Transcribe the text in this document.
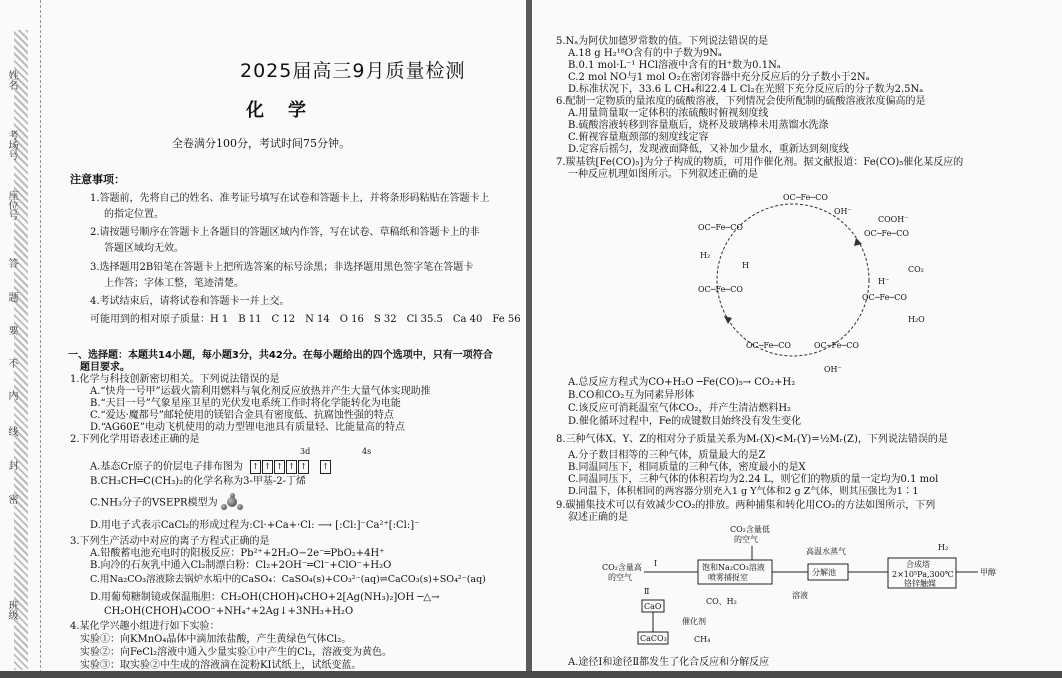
姓名
考场号
座位号
答
题
要
不
内
线
封
密
班级
2025届高三9月质量检测
化学
全卷满分100分，考试时间75分钟。
注意事项：
1.答题前，先将自己的姓名、准考证号填写在试卷和答题卡上，并将条形码粘贴在答题卡上
的指定位置。
2.请按题号顺序在答题卡上各题目的答题区域内作答，写在试卷、草稿纸和答题卡上的非
答题区域均无效。
3.选择题用2B铅笔在答题卡上把所选答案的标号涂黑；非选择题用黑色签字笔在答题卡
上作答；字体工整，笔迹清楚。
4.考试结束后，请将试卷和答题卡一并上交。
可能用到的相对原子质量：H 1　B 11　C 12　N 14　O 16　S 32　Cl 35.5　Ca 40　Fe 56
一、选择题：本题共14小题，每小题3分，共42分。在每小题给出的四个选项中，只有一项符合
题目要求。
1.化学与科技创新密切相关。下列说法错误的是
A.“快舟一号甲”运载火箭利用燃料与氧化剂反应放热并产生大量气体实现助推
B.“天目一号”气象星座卫星的光伏发电系统工作时将化学能转化为电能
C.“爱达·魔都号”邮轮使用的镁铝合金具有密度低、抗腐蚀性强的特点
D.“AG60E”电动飞机使用的动力型锂电池具有质量轻、比能量高的特点
2.下列化学用语表述正确的是
3d	4s
A.基态Cr原子的价层电子排布图为 ↑ ↑ ↑ ↑ ↑ ↑
B.CH₃CH═C(CH₃)₂的化学名称为3-甲基-2-丁烯
C.NH₃分子的VSEPR模型为
D.用电子式表示CaCl₂的形成过程为:Cl·+Ca+·Cl: ⟶ [:Cl:]⁻Ca²⁺[:Cl:]⁻
3.下列生产活动中对应的离子方程式正确的是
A.铅酸蓄电池充电时的阳极反应：Pb²⁺+2H₂O−2e⁻═PbO₂+4H⁺
B.向冷的石灰乳中通入Cl₂制漂白粉：Cl₂+2OH⁻═Cl⁻+ClO⁻+H₂O
C.用Na₂CO₃溶液除去锅炉水垢中的CaSO₄：CaSO₄(s)+CO₃²⁻(aq)⇌CaCO₃(s)+SO₄²⁻(aq)
D.用葡萄糖制镜或保温瓶胆：CH₂OH(CHOH)₄CHO+2[Ag(NH₃)₂]OH ─△→
CH₂OH(CHOH)₄COO⁻+NH₄⁺+2Ag↓+3NH₃+H₂O
4.某化学兴趣小组进行如下实验：
实验①：向KMnO₄晶体中滴加浓盐酸，产生黄绿色气体Cl₂。
实验②：向FeCl₂溶液中通入少量实验①中产生的Cl₂，溶液变为黄色。
实验③：取实验②中生成的溶液滴在淀粉KI试纸上，试纸变蓝。
5.Nₐ为阿伏加德罗常数的值。下列说法错误的是
A.18 g H₂¹⁸O含有的中子数为9Nₐ
B.0.1 mol·L⁻¹ HCl溶液中含有的H⁺数为0.1Nₐ
C.2 mol NO与1 mol O₂在密闭容器中充分反应后的分子数小于2Nₐ
D.标准状况下，33.6 L CH₄和22.4 L Cl₂在光照下充分反应后的分子数为2.5Nₐ
6.配制一定物质的量浓度的硫酸溶液，下列情况会使所配制的硫酸溶液浓度偏高的是
A.用量筒量取一定体积的浓硫酸时俯视刻度线
B.硫酸溶液转移到容量瓶后，烧杯及玻璃棒未用蒸馏水洗涤
C.俯视容量瓶颈部的刻度线定容
D.定容后摇匀，发现液面降低，又补加少量水，重新达到刻度线
7.羰基铁[Fe(CO)₅]为分子构成的物质，可用作催化剂。据文献报道：Fe(CO)₅催化某反应的
一种反应机理如图所示。下列叙述正确的是
OC─Fe─CO
OH⁻
COOH⁻
OC─Fe─CO
OC─Fe─CO
H₂
CO₂
H
OC─Fe─CO
H⁻
OC─Fe─CO
H₂O
OC─Fe─CO	OC─Fe─CO
OH⁻
A.总反应方程式为CO+H₂O ─Fe(CO)₅→ CO₂+H₂
B.CO和CO₂互为同素异形体
C.该反应可消耗温室气体CO₂，并产生清洁燃料H₂
D.催化循环过程中，Fe的成键数目始终没有发生变化
8.三种气体X、Y、Z的相对分子质量关系为Mᵣ(X)<Mᵣ(Y)=½Mᵣ(Z)，下列说法错误的是
A.分子数目相等的三种气体，质量最大的是Z
B.同温同压下，相同质量的三种气体，密度最小的是X
C.同温同压下，三种气体的体积若均为2.24 L，则它们的物质的量一定均为0.1 mol
D.同温下，体积相同的两容器分别充入1 g Y气体和2 g Z气体，则其压强比为1∶1
9.碳捕集技术可以有效减少CO₂的排放。两种捕集和转化用CO₂的方法如图所示，下列
叙述正确的是
CO₂含量低
的空气
高温水蒸气	H₂
CO₂含量高
的空气
Ⅰ	饱和Na₂CO₃溶液
喷雾捕捉室
分解池
合成塔
2×10⁵Pa,300℃
铬锌触媒
甲醇
溶液
Ⅱ
CaO
CO、H₂
催化剂
CaCO₃	CH₄
A.途径Ⅰ和途径Ⅱ都发生了化合反应和分解反应
